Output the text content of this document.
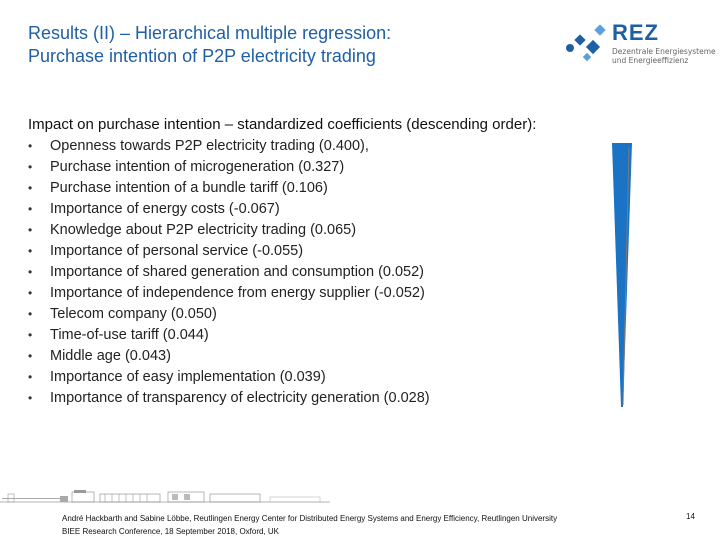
Results (II) – Hierarchical multiple regression:
Purchase intention of P2P electricity trading
REZ
Dezentrale Energiesysteme
und Energieeffizienz
Impact on purchase intention – standardized coefficients (descending order):
•	Openness towards P2P electricity trading (0.400),
•	Purchase intention of microgeneration (0.327)
•	Purchase intention of a bundle tariff (0.106)
•	Importance of energy costs (-0.067)
•	Knowledge about P2P electricity trading (0.065)
•	Importance of personal service (-0.055)
•	Importance of shared generation and consumption (0.052)
•	Importance of independence from energy supplier (-0.052)
•	Telecom company (0.050)
•	Time-of-use tariff (0.044)
•	Middle age (0.043)
•	Importance of easy implementation (0.039)
•	Importance of transparency of electricity generation (0.028)
André Hackbarth and Sabine Löbbe, Reutlingen Energy Center for Distributed Energy Systems and Energy Efficiency, Reutlingen University
BIEE Research Conference, 18 September 2018, Oxford, UK
14
